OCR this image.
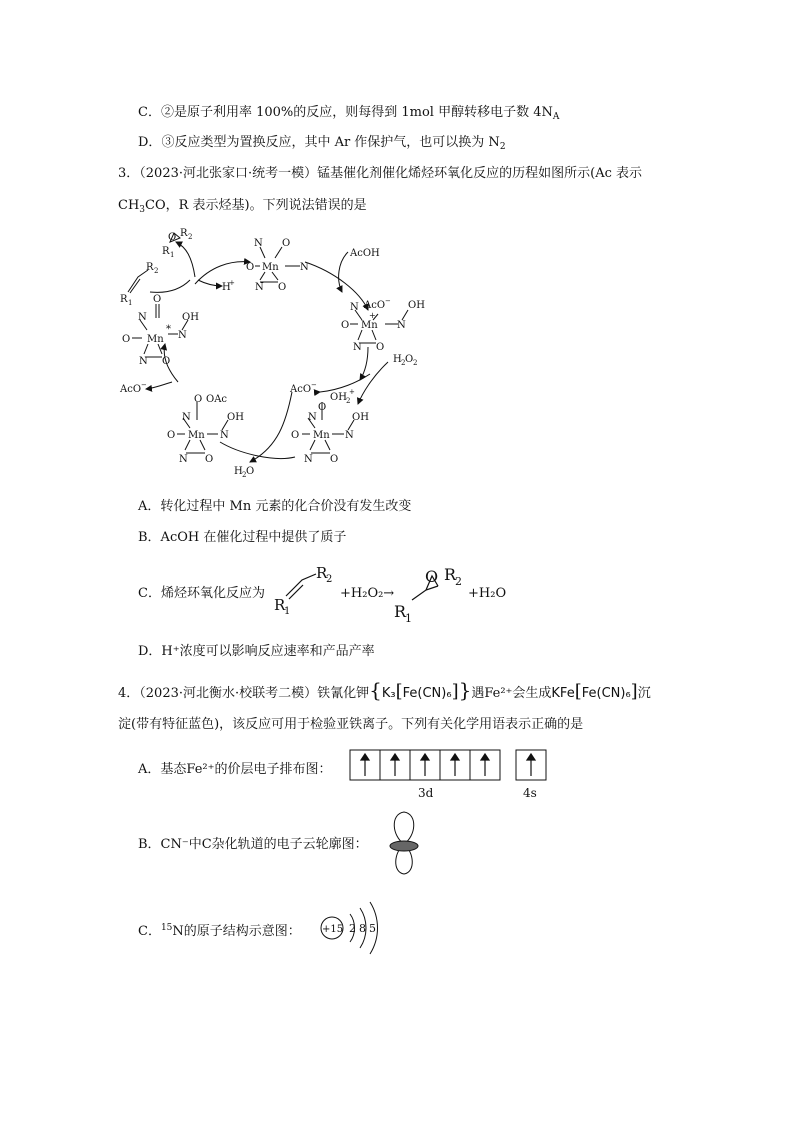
C．②是原子利用率 100%的反应，则每得到 1mol 甲醇转移电子数 $4N_A$
D．③反应类型为置换反应，其中 Ar 作保护气，也可以换为 $N_2$
3．（2023·河北张家口·统考一模）锰基催化剂催化烯烃环氧化反应的历程如图所示(Ac 表示
$CH_3CO$，R 表示烃基)。下列说法错误的是
O R 2
R 1
R 2
R 1
H
+
N O
O Mn N
N O
AcOH
N AcO − OH
O Mn
+
N
N O
H 2 O 2
AcO −
O
OH 2
+
N	OH
O Mn N
N O
H 2 O
O OAc
N	OH
O Mn N
N O
AcO −
O
N
*
OH
O Mn N
N O
A．转化过程中 Mn 元素的化合价没有发生改变
B．AcOH 在催化过程中提供了质子
C．烯烃环氧化反应为
R
2
R
1
+H₂O₂→
O R
2
R
1
+H₂O
D．H⁺浓度可以影响反应速率和产品产率
4．（2023·河北衡水·校联考二模）铁氰化钾{K₃[Fe(CN)₆]}遇Fe²⁺会生成KFe[Fe(CN)₆]沉
淀(带有特征蓝色)，该反应可用于检验亚铁离子。下列有关化学用语表示正确的是
A．基态Fe²⁺的价层电子排布图：
3d	4s
B．CN⁻中C杂化轨道的电子云轮廓图：
C．$^{15}$N的原子结构示意图： +15 2 8 5
